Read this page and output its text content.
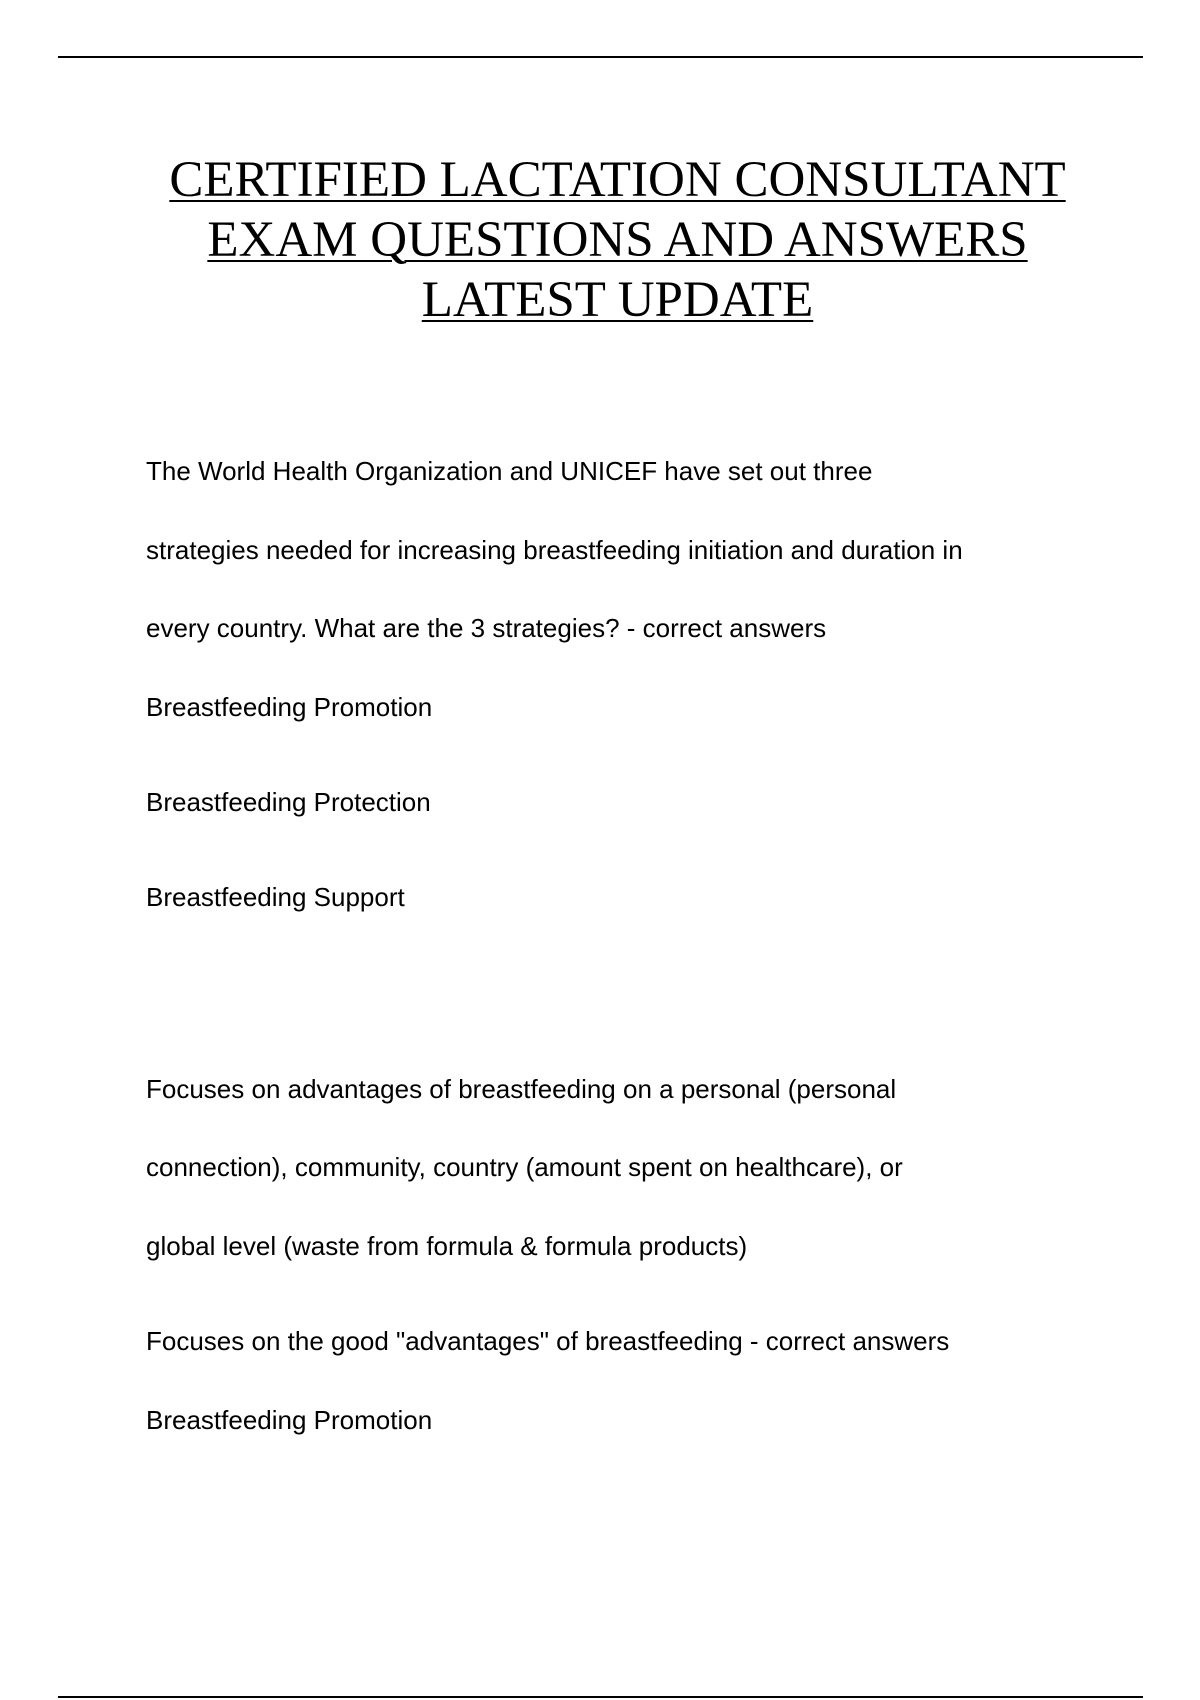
CERTIFIED LACTATION CONSULTANT
EXAM QUESTIONS AND ANSWERS
LATEST UPDATE

The World Health Organization and UNICEF have set out three

strategies needed for increasing breastfeeding initiation and duration in

every country. What are the 3 strategies? - correct answers

Breastfeeding Promotion

Breastfeeding Protection

Breastfeeding Support

Focuses on advantages of breastfeeding on a personal (personal

connection), community, country (amount spent on healthcare), or

global level (waste from formula & formula products)

Focuses on the good "advantages" of breastfeeding - correct answers

Breastfeeding Promotion
